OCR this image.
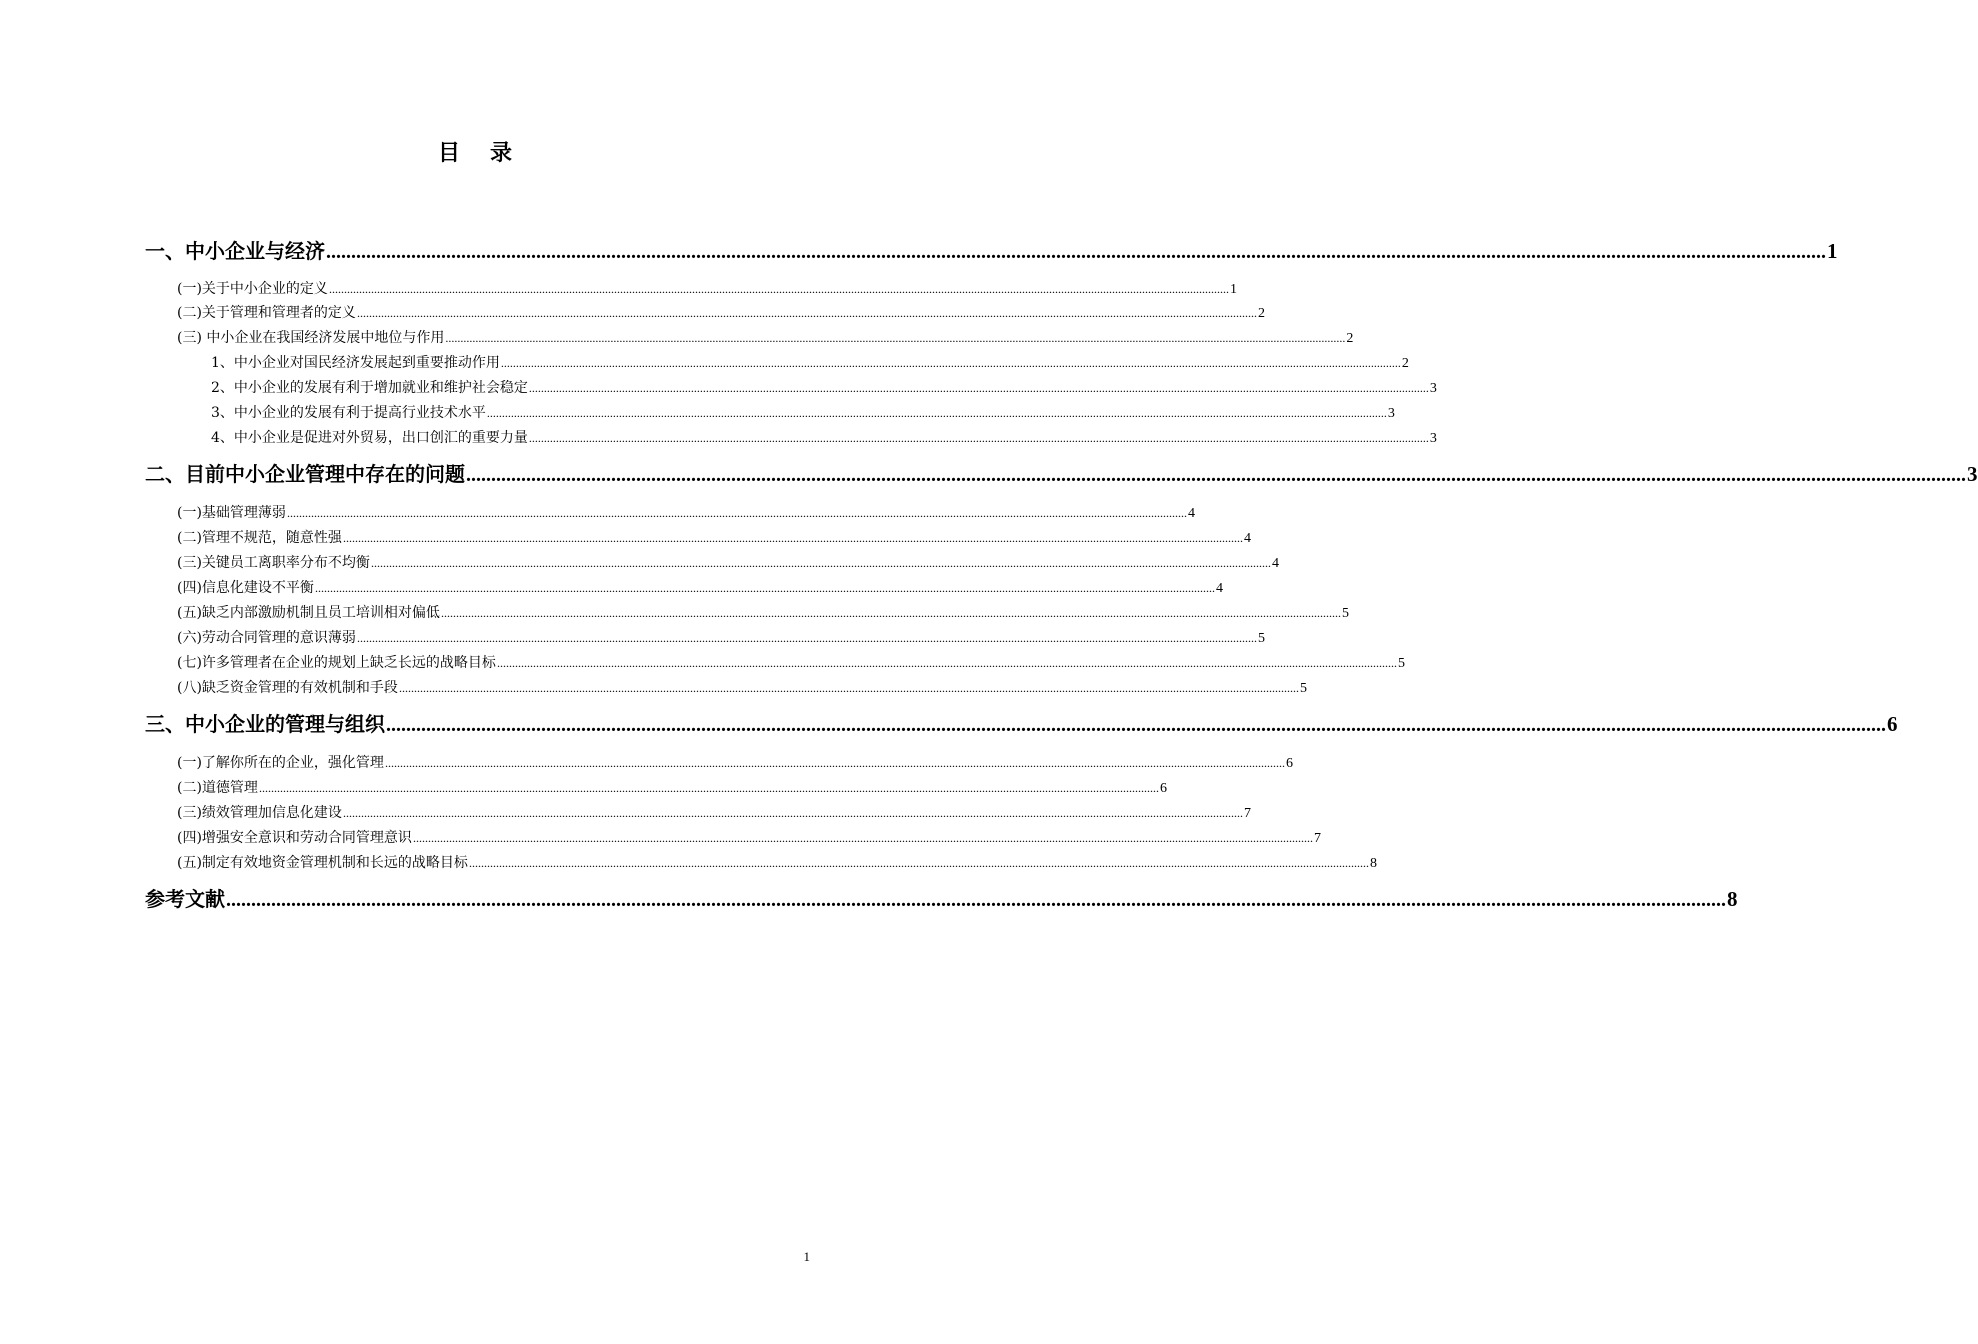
目 录
一、中小企业与经济 ............................................................................................................................................................................................................................................................................................................ 1
(一)关于中小企业的定义 ............................................................................................................................................................................................................................................................................................................ 1
(二)关于管理和管理者的定义 ............................................................................................................................................................................................................................................................................................................ 2
(三) 中小企业在我国经济发展中地位与作用 ............................................................................................................................................................................................................................................................................................................ 2
1、中小企业对国民经济发展起到重要推动作用 ............................................................................................................................................................................................................................................................................................................ 2
2、中小企业的发展有利于增加就业和维护社会稳定 ............................................................................................................................................................................................................................................................................................................ 3
3、中小企业的发展有利于提高行业技术水平 ............................................................................................................................................................................................................................................................................................................ 3
4、中小企业是促进对外贸易，出口创汇的重要力量 ............................................................................................................................................................................................................................................................................................................ 3
二、目前中小企业管理中存在的问题 ............................................................................................................................................................................................................................................................................................................ 3
(一)基础管理薄弱 ............................................................................................................................................................................................................................................................................................................ 4
(二)管理不规范，随意性强 ............................................................................................................................................................................................................................................................................................................ 4
(三)关键员工离职率分布不均衡 ............................................................................................................................................................................................................................................................................................................ 4
(四)信息化建设不平衡 ............................................................................................................................................................................................................................................................................................................ 4
(五)缺乏内部激励机制且员工培训相对偏低 ............................................................................................................................................................................................................................................................................................................ 5
(六)劳动合同管理的意识薄弱 ............................................................................................................................................................................................................................................................................................................ 5
(七)许多管理者在企业的规划上缺乏长远的战略目标 ............................................................................................................................................................................................................................................................................................................ 5
(八)缺乏资金管理的有效机制和手段 ............................................................................................................................................................................................................................................................................................................ 5
三、中小企业的管理与组织 ............................................................................................................................................................................................................................................................................................................ 6
(一)了解你所在的企业，强化管理 ............................................................................................................................................................................................................................................................................................................ 6
(二)道德管理 ............................................................................................................................................................................................................................................................................................................ 6
(三)绩效管理加信息化建设 ............................................................................................................................................................................................................................................................................................................ 7
(四)增强安全意识和劳动合同管理意识 ............................................................................................................................................................................................................................................................................................................ 7
(五)制定有效地资金管理机制和长远的战略目标 ............................................................................................................................................................................................................................................................................................................ 8
参考文献 ............................................................................................................................................................................................................................................................................................................ 8
1
